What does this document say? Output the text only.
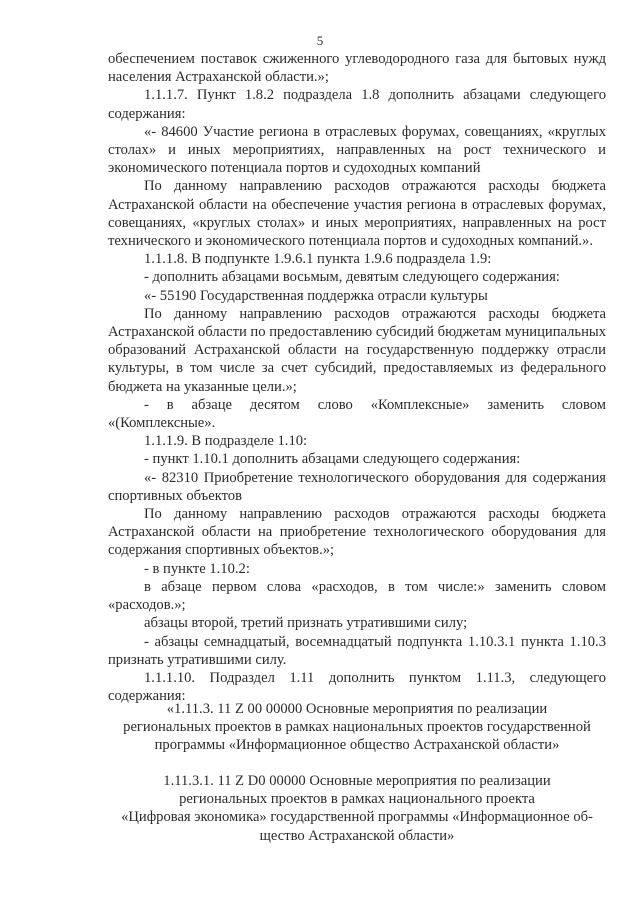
5

обеспечением поставок сжиженного углеводородного газа для бытовых нужд населения Астраханской области.»;

1.1.1.7. Пункт 1.8.2 подраздела 1.8 дополнить абзацами следующего содержания:

«- 84600 Участие региона в отраслевых форумах, совещаниях, «круглых столах» и иных мероприятиях, направленных на рост технического и экономического потенциала портов и судоходных компаний

По данному направлению расходов отражаются расходы бюджета Астраханской области на обеспечение участия региона в отраслевых форумах, совещаниях, «круглых столах» и иных мероприятиях, направленных на рост технического и экономического потенциала портов и судоходных компаний.».

1.1.1.8. В подпункте 1.9.6.1 пункта 1.9.6 подраздела 1.9:

- дополнить абзацами восьмым, девятым следующего содержания:

«- 55190 Государственная поддержка отрасли культуры

По данному направлению расходов отражаются расходы бюджета Астраханской области по предоставлению субсидий бюджетам муниципальных образований Астраханской области на государственную поддержку отрасли культуры, в том числе за счет субсидий, предоставляемых из федерального бюджета на указанные цели.»;

- в абзаце десятом слово «Комплексные» заменить словом «(Комплексные».

1.1.1.9. В подразделе 1.10:

- пункт 1.10.1 дополнить абзацами следующего содержания:

«- 82310 Приобретение технологического оборудования для содержания спортивных объектов

По данному направлению расходов отражаются расходы бюджета Астраханской области на приобретение технологического оборудования для содержания спортивных объектов.»;

- в пункте 1.10.2:

в абзаце первом слова «расходов, в том числе:» заменить словом «расходов.»;

абзацы второй, третий признать утратившими силу;

- абзацы семнадцатый, восемнадцатый подпункта 1.10.3.1 пункта 1.10.3 признать утратившими силу.

1.1.1.10. Подраздел 1.11 дополнить пунктом 1.11.3, следующего содержания:

«1.11.3. 11 Z 00 00000 Основные мероприятия по реализации

региональных проектов в рамках национальных проектов государственной

программы «Информационное общество Астраханской области»

1.11.3.1. 11 Z D0 00000 Основные мероприятия по реализации

региональных проектов в рамках национального проекта

«Цифровая экономика» государственной программы «Информационное об-

щество Астраханской области»
